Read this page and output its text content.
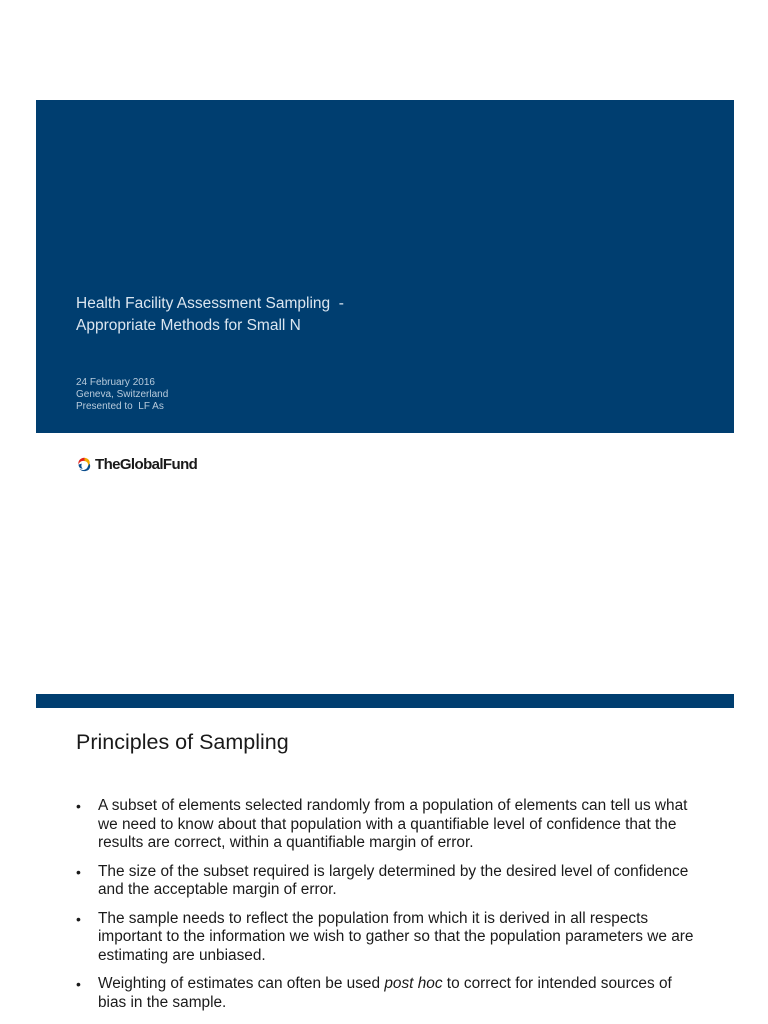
Health Facility Assessment Sampling  -
Appropriate Methods for Small N
24 February 2016
Geneva, Switzerland
Presented to  LF As
TheGlobalFund
Principles of Sampling
• A subset of elements selected randomly from a population of elements can tell us what we need to know about that population with a quantifiable level of confidence that the results are correct, within a quantifiable margin of error.
• The size of the subset required is largely determined by the desired level of confidence and the acceptable margin of error.
• The sample needs to reflect the population from which it is derived in all respects important to the information we wish to gather so that the population parameters we are estimating are unbiased.
• Weighting of estimates can often be used post hoc to correct for intended sources of bias in the sample.
